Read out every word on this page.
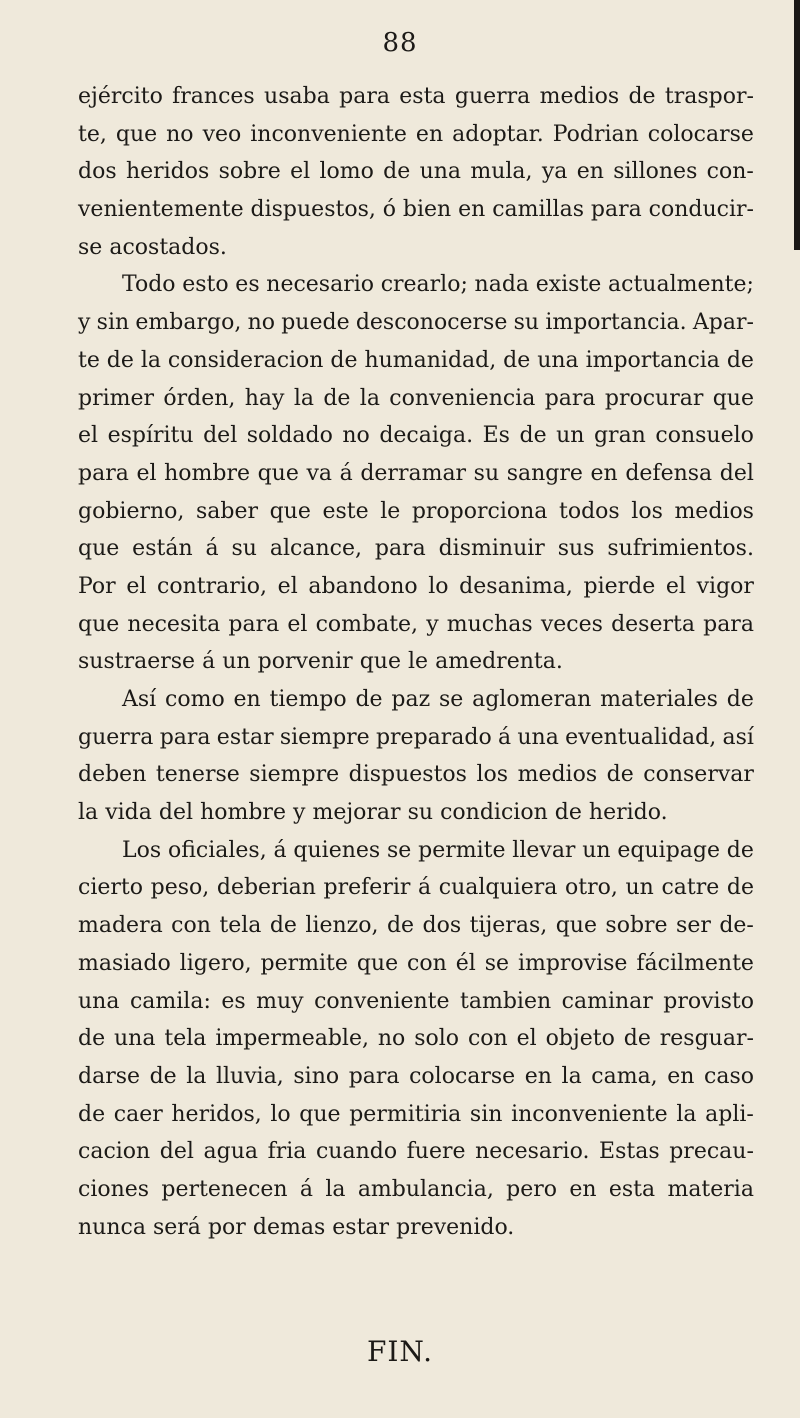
88
ejército frances usaba para esta guerra medios de traspor-
te, que no veo inconveniente en adoptar. Podrian colocarse
dos heridos sobre el lomo de una mula, ya en sillones con-
venientemente dispuestos, ó bien en camillas para conducir-
se acostados.
Todo esto es necesario crearlo; nada existe actualmente;
y sin embargo, no puede desconocerse su importancia. Apar-
te de la consideracion de humanidad, de una importancia de
primer órden, hay la de la conveniencia para procurar que
el espíritu del soldado no decaiga. Es de un gran consuelo
para el hombre que va á derramar su sangre en defensa del
gobierno, saber que este le proporciona todos los medios
que están á su alcance, para disminuir sus sufrimientos.
Por el contrario, el abandono lo desanima, pierde el vigor
que necesita para el combate, y muchas veces deserta para
sustraerse á un porvenir que le amedrenta.
Así como en tiempo de paz se aglomeran materiales de
guerra para estar siempre preparado á una eventualidad, así
deben tenerse siempre dispuestos los medios de conservar
la vida del hombre y mejorar su condicion de herido.
Los oficiales, á quienes se permite llevar un equipage de
cierto peso, deberian preferir á cualquiera otro, un catre de
madera con tela de lienzo, de dos tijeras, que sobre ser de-
masiado ligero, permite que con él se improvise fácilmente
una camila: es muy conveniente tambien caminar provisto
de una tela impermeable, no solo con el objeto de resguar-
darse de la lluvia, sino para colocarse en la cama, en caso
de caer heridos, lo que permitiria sin inconveniente la apli-
cacion del agua fria cuando fuere necesario. Estas precau-
ciones pertenecen á la ambulancia, pero en esta materia
nunca será por demas estar prevenido.
FIN.
